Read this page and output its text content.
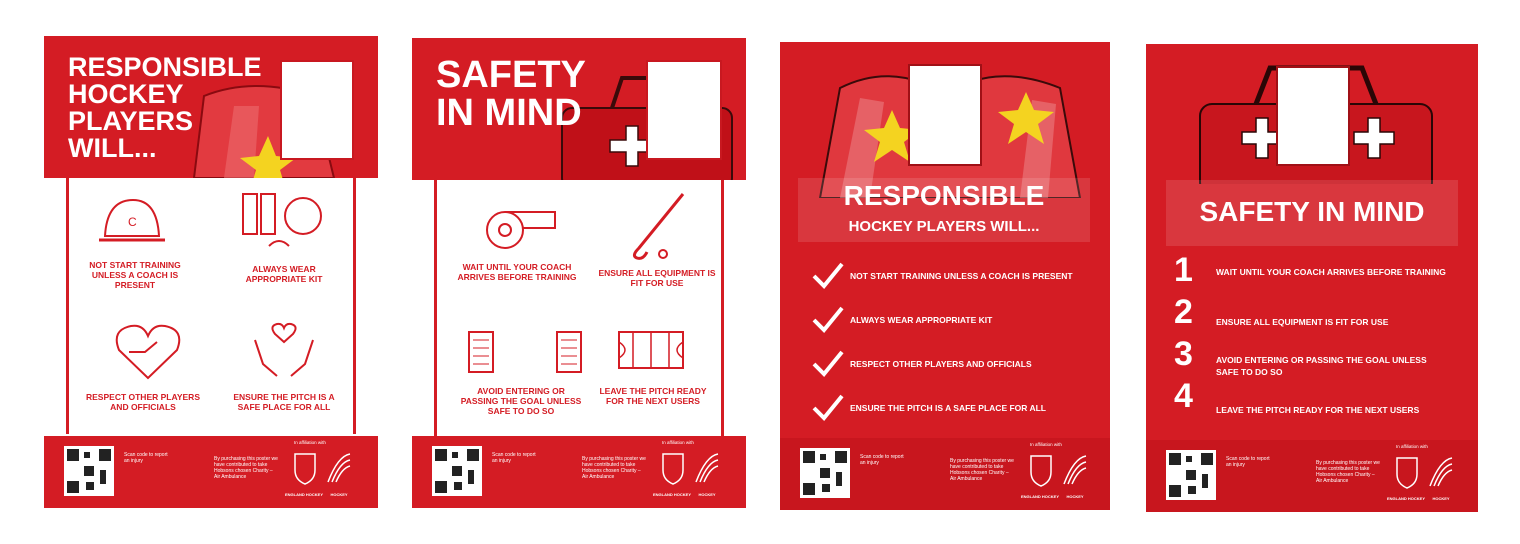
RESPONSIBLE HOCKEY PLAYERS WILL...
C
NOT START TRAINING UNLESS A COACH IS PRESENT
ALWAYS WEAR APPROPRIATE KIT
RESPECT OTHER PLAYERS AND OFFICIALS
ENSURE THE PITCH IS A SAFE PLACE FOR ALL
Scan code to report an injury	By purchasing this poster we have contributed to take Hobsons chosen Charity – Air Ambulance
In affiliation with
ENGLAND HOCKEY	HOCKEY
SAFETY IN MIND
WAIT UNTIL YOUR COACH ARRIVES BEFORE TRAINING	ENSURE ALL EQUIPMENT IS FIT FOR USE
AVOID ENTERING OR PASSING THE GOAL UNLESS SAFE TO DO SO
LEAVE THE PITCH READY FOR THE NEXT USERS
Scan code to report an injury	By purchasing this poster we have contributed to take Hobsons chosen Charity – Air Ambulance
In affiliation with
ENGLAND HOCKEY	HOCKEY
RESPONSIBLE
HOCKEY PLAYERS WILL...
NOT START TRAINING UNLESS A COACH IS PRESENT
ALWAYS WEAR APPROPRIATE KIT
RESPECT OTHER PLAYERS AND OFFICIALS
ENSURE THE PITCH IS A SAFE PLACE FOR ALL
Scan code to report an injury	By purchasing this poster we have contributed to take Hobsons chosen Charity – Air Ambulance
In affiliation with
ENGLAND HOCKEY	HOCKEY
SAFETY IN MIND
1	WAIT UNTIL YOUR COACH ARRIVES BEFORE TRAINING
2	ENSURE ALL EQUIPMENT IS FIT FOR USE
3	AVOID ENTERING OR PASSING THE GOAL UNLESS SAFE TO DO SO
4	LEAVE THE PITCH READY FOR THE NEXT USERS
Scan code to report an injury	By purchasing this poster we have contributed to take Hobsons chosen Charity – Air Ambulance
In affiliation with
ENGLAND HOCKEY	HOCKEY
